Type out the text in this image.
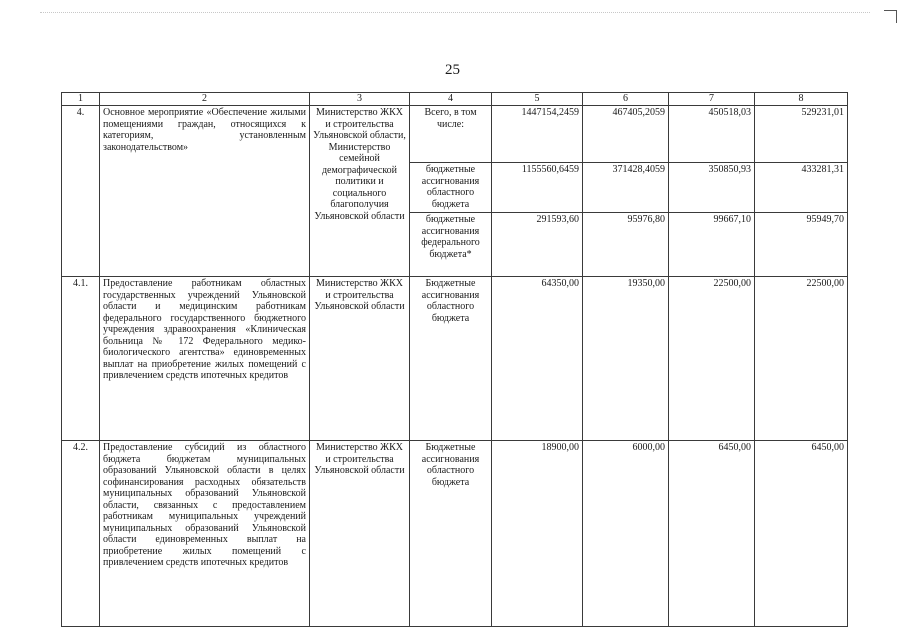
25
1	2	3	4	5	6	7	8
4.	Основное мероприятие «Обеспечение жилыми помещениями граждан, относящихся к категориям, установленным законодательством»	Министерство ЖКХ и строительства Ульяновской области, Министерство семейной демографической политики и социального благополучия Ульяновской области	Всего, в том числе:	1447154,2459	467405,2059	450518,03	529231,01
			бюджетные ассигнования областного бюджета	1155560,6459	371428,4059	350850,93	433281,31
			бюджетные ассигнования федерального бюджета*	291593,60	95976,80	99667,10	95949,70
4.1.	Предоставление работникам областных государственных учреждений Ульяновской области и медицинским работникам федерального государственного бюджетного учреждения здравоохранения «Клиническая больница № 172 Федерального медико-биологического агентства» единовременных выплат на приобретение жилых помещений с привлечением средств ипотечных кредитов	Министерство ЖКХ и строительства Ульяновской области	Бюджетные ассигнования областного бюджета	64350,00	19350,00	22500,00	22500,00
4.2.	Предоставление субсидий из областного бюджета бюджетам муниципальных образований Ульяновской области в целях софинансирования расходных обязательств муниципальных образований Ульяновской области, связанных с предоставлением работникам муниципальных учреждений муниципальных образований Ульяновской области единовременных выплат на приобретение жилых помещений с привлечением средств ипотечных кредитов	Министерство ЖКХ и строительства Ульяновской области	Бюджетные ассигнования областного бюджета	18900,00	6000,00	6450,00	6450,00
